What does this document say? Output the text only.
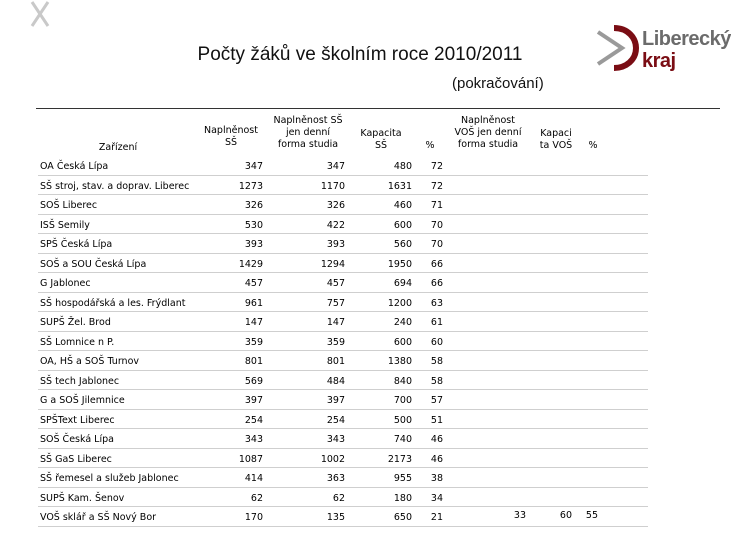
Počty žáků ve školním roce 2010/2011
(pokračování)
Liberecký
kraj
Zařízení
Naplněnost SŠ
Naplněnost SŠ jen denní forma studia
Kapacita SŠ	%
Naplněnost VOŠ jen denní forma studia
Kapaci ta VOŠ	%
OA Česká Lípa	347	347	480	72
SŠ stroj, stav. a doprav. Liberec	1273	1170	1631	72
SOŠ Liberec	326	326	460	71
ISŠ Semily	530	422	600	70
SPŠ Česká Lípa	393	393	560	70
SOŠ a SOU Česká Lípa	1429	1294	1950	66
G Jablonec	457	457	694	66
SŠ hospodářská a les. Frýdlant	961	757	1200	63
SUPŠ Žel. Brod	147	147	240	61
SŠ Lomnice n P.	359	359	600	60
OA, HŠ a SOŠ Turnov	801	801	1380	58
SŠ tech Jablonec	569	484	840	58
G a SOŠ Jilemnice	397	397	700	57
SPŠText Liberec	254	254	500	51
SOŠ Česká Lípa	343	343	740	46
SŠ GaS Liberec	1087	1002	2173	46
SŠ řemesel a služeb Jablonec	414	363	955	38
SUPŠ Kam. Šenov	62	62	180	34
VOŠ sklář a SŠ Nový Bor	170	135	650	21	33	60	55
